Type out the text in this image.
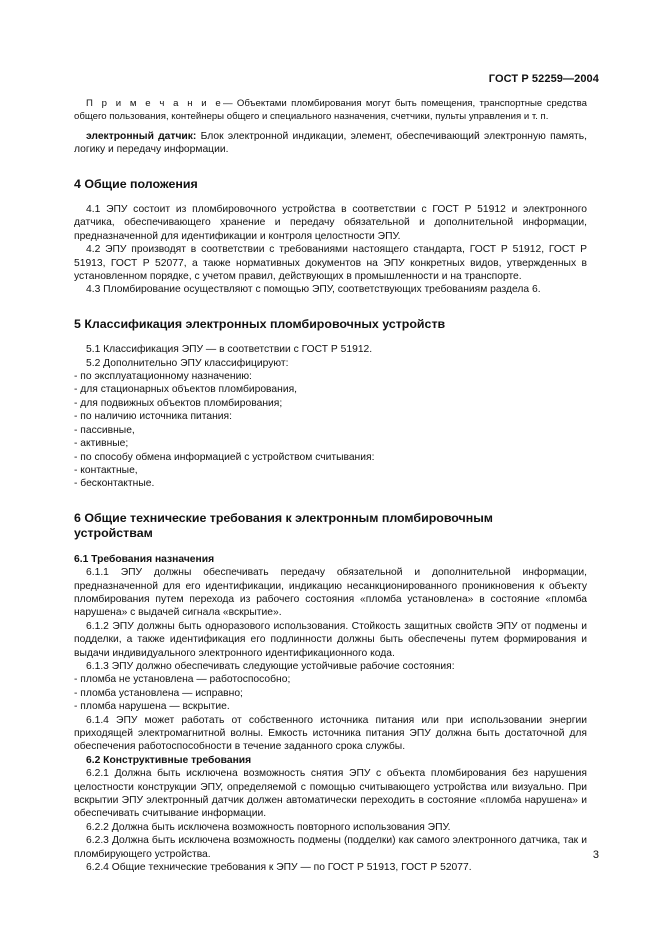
ГОСТ Р 52259—2004

П р и м е ч а н и е— Объектами пломбирования могут быть помещения, транспортные средства общего пользования, контейнеры общего и специального назначения, счетчики, пульты управления и т. п.

электронный датчик: Блок электронной индикации, элемент, обеспечивающий электронную память, логику и передачу информации.

4 Общие положения

4.1 ЭПУ состоит из пломбировочного устройства в соответствии с ГОСТ Р 51912 и электронного датчика, обеспечивающего хранение и передачу обязательной и дополнительной информации, предназначенной для идентификации и контроля целостности ЭПУ.

4.2 ЭПУ производят в соответствии с требованиями настоящего стандарта, ГОСТ Р 51912, ГОСТ Р 51913, ГОСТ Р 52077, а также нормативных документов на ЭПУ конкретных видов, утвержденных в установленном порядке, с учетом правил, действующих в промышленности и на транспорте.

4.3 Пломбирование осуществляют с помощью ЭПУ, соответствующих требованиям раздела 6.

5 Классификация электронных пломбировочных устройств

5.1 Классификация ЭПУ — в соответствии с ГОСТ Р 51912.

5.2 Дополнительно ЭПУ классифицируют:

- по эксплуатационному назначению:

- для стационарных объектов пломбирования,

- для подвижных объектов пломбирования;

- по наличию источника питания:

- пассивные,

- активные;

- по способу обмена информацией с устройством считывания:

- контактные,

- бесконтактные.

6 Общие технические требования к электронным пломбировочным

устройствам

6.1 Требования назначения

6.1.1 ЭПУ должны обеспечивать передачу обязательной и дополнительной информации, предназначенной для его идентификации, индикацию несанкционированного проникновения к объекту пломбирования путем перехода из рабочего состояния «пломба установлена» в состояние «пломба нарушена» с выдачей сигнала «вскрытие».

6.1.2 ЭПУ должны быть одноразового использования. Стойкость защитных свойств ЭПУ от подмены и подделки, а также идентификация его подлинности должны быть обеспечены путем формирования и выдачи индивидуального электронного идентификационного кода.

6.1.3 ЭПУ должно обеспечивать следующие устойчивые рабочие состояния:

- пломба не установлена — работоспособно;

- пломба установлена — исправно;

- пломба нарушена — вскрытие.

6.1.4 ЭПУ может работать от собственного источника питания или при использовании энергии приходящей электромагнитной волны. Емкость источника питания ЭПУ должна быть достаточной для обеспечения работоспособности в течение заданного срока службы.

6.2 Конструктивные требования

6.2.1 Должна быть исключена возможность снятия ЭПУ с объекта пломбирования без нарушения целостности конструкции ЭПУ, определяемой с помощью считывающего устройства или визуально. При вскрытии ЭПУ электронный датчик должен автоматически переходить в состояние «пломба нарушена» и обеспечивать считывание информации.

6.2.2 Должна быть исключена возможность повторного использования ЭПУ.

6.2.3 Должна быть исключена возможность подмены (подделки) как самого электронного датчика, так и пломбирующего устройства.

6.2.4 Общие технические требования к ЭПУ — по ГОСТ Р 51913, ГОСТ Р 52077.

3
